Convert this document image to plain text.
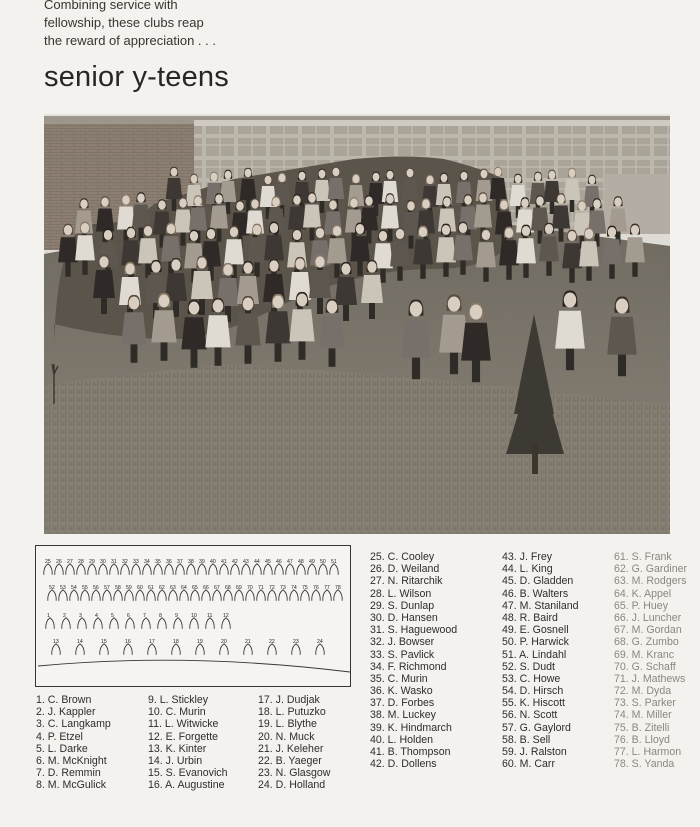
Combining service with
fellowship, these clubs reap
the reward of appreciation . . .
senior y-teens
1	2	3	4	5	6	7	8	9	10 11 12
13	14	15	16	17	18	19	20	21	22	23	24
25 26 27 28 29 30 31 32 33 34 35 36 37 38 39 40 41 42 43 44 45 46 47 48 49 50 51
52 53 54 55 56 57 58 59 60 61 62 63 64 65 66 67 68 69 70 71 72 73 74 75 76 77 78
1. C. Brown
2. J. Kappler
3. C. Langkamp
4. P. Etzel
5. L. Darke
6. M. McKnight
7. D. Remmin
8. M. McGulick
9. L. Stickley
10. C. Murin
11. L. Witwicke
12. E. Forgette
13. K. Kinter
14. J. Urbin
15. S. Evanovich
16. A. Augustine
17. J. Dudjak
18. L. Putuzko
19. L. Blythe
20. N. Muck
21. J. Keleher
22. B. Yaeger
23. N. Glasgow
24. D. Holland
25. C. Cooley
26. D. Weiland
27. N. Ritarchik
28. L. Wilson
29. S. Dunlap
30. D. Hansen
31. S. Haguewood
32. J. Bowser
33. S. Pavlick
34. F. Richmond
35. C. Murin
36. K. Wasko
37. D. Forbes
38. M. Luckey
39. K. Hindmarch
40. L. Holden
41. B. Thompson
42. D. Dollens
43. J. Frey
44. L. King
45. D. Gladden
46. B. Walters
47. M. Staniland
48. R. Baird
49. E. Gosnell
50. P. Harwick
51. A. Lindahl
52. S. Dudt
53. C. Howe
54. D. Hirsch
55. K. Hiscott
56. N. Scott
57. G. Gaylord
58. B. Sell
59. J. Ralston
60. M. Carr
61. S. Frank
62. G. Gardiner
63. M. Rodgers
64. K. Appel
65. P. Huey
66. J. Luncher
67. M. Gordan
68. G. Zumbo
69. M. Kranc
70. G. Schaff
71. J. Mathews
72. M. Dyda
73. S. Parker
74. M. Miller
75. B. Zitelli
76. B. Lloyd
77. L. Harmon
78. S. Yanda
